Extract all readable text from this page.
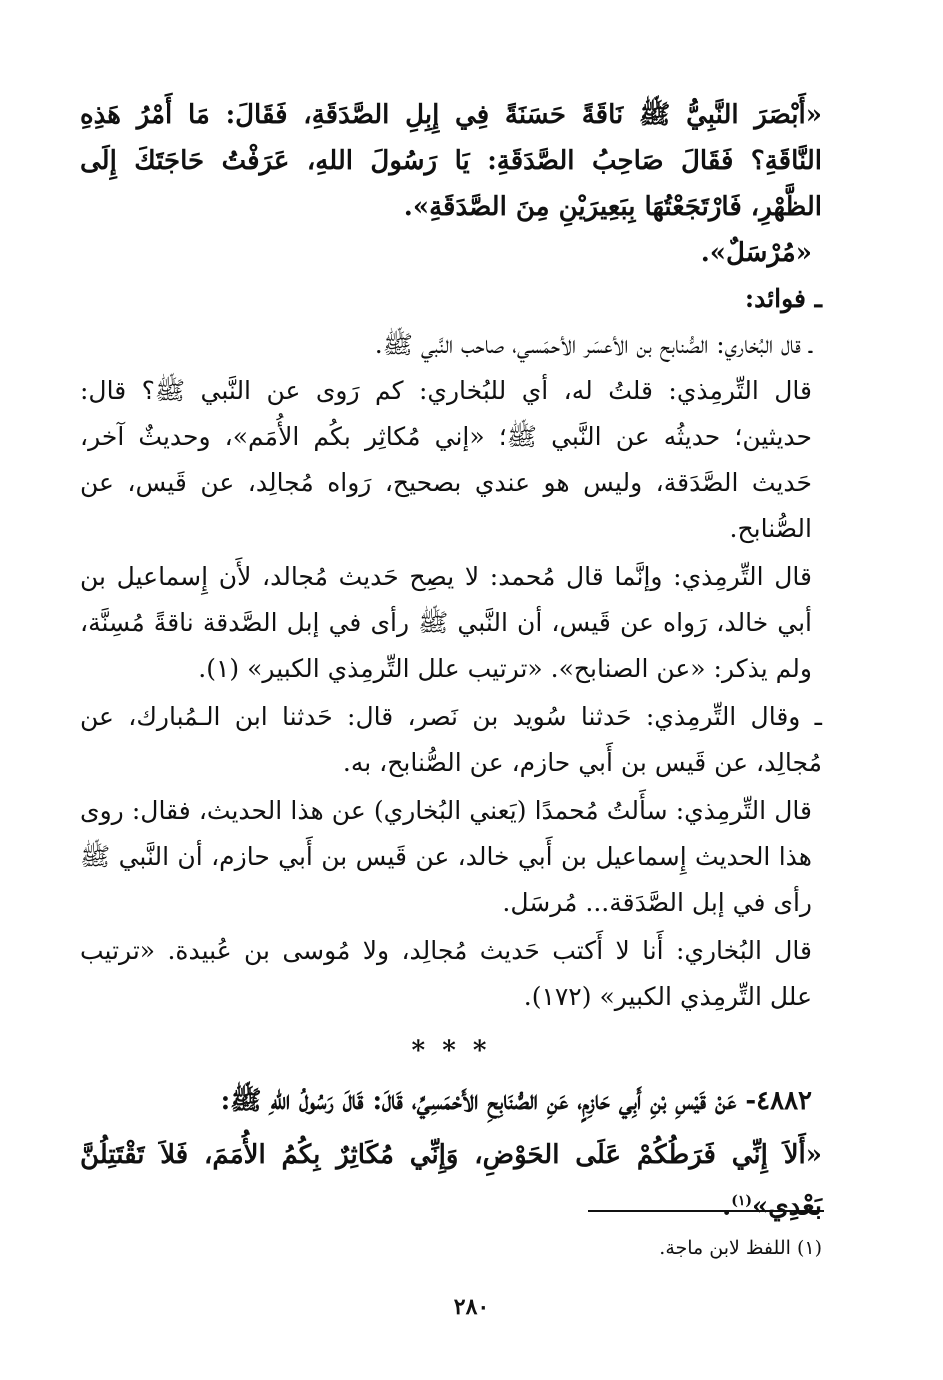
«أَبْصَرَ النَّبِيُّ ﷺ نَاقَةً حَسَنَةً فِي إِبِلِ الصَّدَقَةِ، فَقَالَ: مَا أَمْرُ هَذِهِ النَّاقَةِ؟ فَقَالَ صَاحِبُ الصَّدَقَةِ: يَا رَسُولَ اللهِ، عَرَفْتُ حَاجَتَكَ إِلَى الظَّهْرِ، فَارْتَجَعْتُهَا بِبَعِيرَيْنِ مِنَ الصَّدَقَةِ».

«مُرْسَلٌ».

ـ فوائد:

ـ قال البُخاري: الصُّنابح بن الأعسَر الأحمَسي، صاحب النَّبي ﷺ.

قال التِّرمِذي: قلتُ له، أي للبُخاري: كم رَوى عن النَّبي ﷺ؟ قال: حديثين؛ حديثُه عن النَّبي ﷺ؛ «إني مُكاثِر بكُم الأُمَم»، وحديثٌ آخر، حَديث الصَّدَقة، وليس هو عندي بصحيح، رَواه مُجالِد، عن قَيس، عن الصُّنابح.

قال التِّرمِذي: وإنَّما قال مُحمد: لا يصِح حَديث مُجالد، لأَن إِسماعيل بن أبي خالد، رَواه عن قَيس، أن النَّبي ﷺ رأى في إبل الصَّدقة ناقةً مُسِنَّة، ولم يذكر: «عن الصنابح». «ترتيب علل التِّرمِذي الكبير» (١).

ـ وقال التِّرمِذي: حَدثنا سُويد بن نَصر، قال: حَدثنا ابن الـمُبارك، عن مُجالِد، عن قَيس بن أَبي حازم، عن الصُّنابح، به.

قال التِّرمِذي: سأَلتُ مُحمدًا (يَعني البُخاري) عن هذا الحديث، فقال: روى هذا الحديث إِسماعيل بن أَبي خالد، عن قَيس بن أَبي حازم، أن النَّبي ﷺ رأى في إبل الصَّدَقة... مُرسَل.

قال البُخاري: أَنا لا أَكتب حَديث مُجالِد، ولا مُوسى بن عُبيدة. «ترتيب علل التِّرمِذي الكبير» (١٧٢).

* * *

٤٨٨٢- عَنْ قَيْسِ بْنِ أَبِي حَازِمٍ، عَنِ الصُّنَابِحِ الأَحْمَسِيِّ، قَالَ: قَالَ رَسُولُ اللهِ ﷺ:

«أَلاَ إِنِّي فَرَطُكُمْ عَلَى الحَوْضِ، وَإِنِّي مُكَاثِرٌ بِكُمُ الأُمَمَ، فَلاَ تَقْتَتِلُنَّ بَعْدِي»$^{(١)}$.

(١) اللفظ لابن ماجة.
٢٨٠
